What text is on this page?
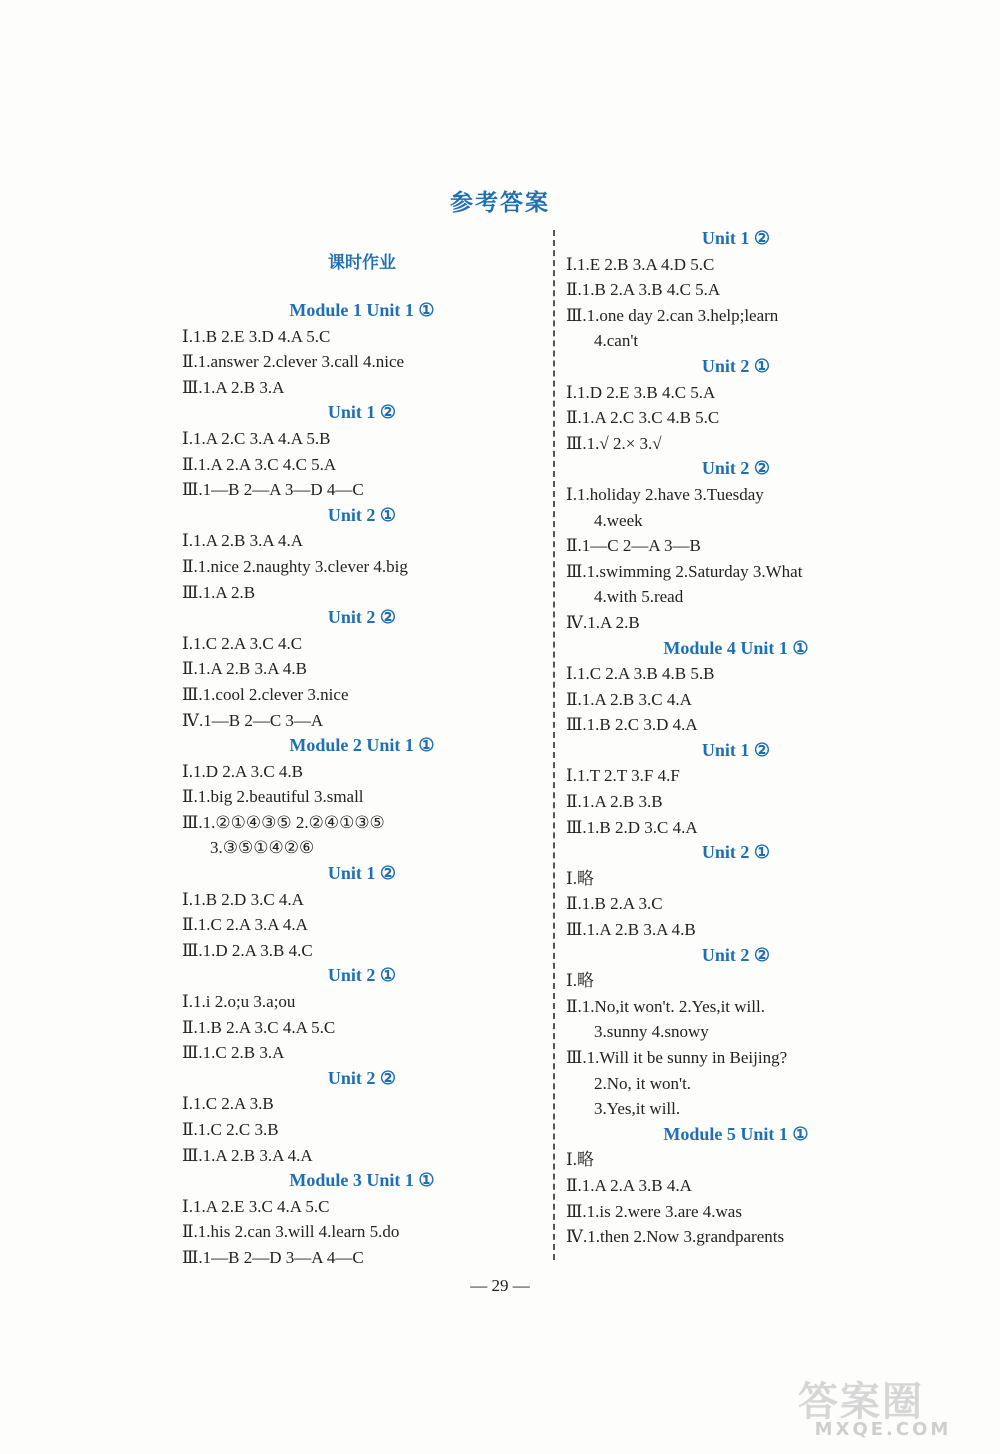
参考答案
课时作业
Module 1 Unit 1 ①
Ⅰ.1.B 2.E 3.D 4.A 5.C
Ⅱ.1.answer 2.clever 3.call 4.nice
Ⅲ.1.A 2.B 3.A
Unit 1 ②
Ⅰ.1.A 2.C 3.A 4.A 5.B
Ⅱ.1.A 2.A 3.C 4.C 5.A
Ⅲ.1—B 2—A 3—D 4—C
Unit 2 ①
Ⅰ.1.A 2.B 3.A 4.A
Ⅱ.1.nice 2.naughty 3.clever 4.big
Ⅲ.1.A 2.B
Unit 2 ②
Ⅰ.1.C 2.A 3.C 4.C
Ⅱ.1.A 2.B 3.A 4.B
Ⅲ.1.cool 2.clever 3.nice
Ⅳ.1—B 2—C 3—A
Module 2 Unit 1 ①
Ⅰ.1.D 2.A 3.C 4.B
Ⅱ.1.big 2.beautiful 3.small
Ⅲ.1.②①④③⑤ 2.②④①③⑤
3.③⑤①④②⑥
Unit 1 ②
Ⅰ.1.B 2.D 3.C 4.A
Ⅱ.1.C 2.A 3.A 4.A
Ⅲ.1.D 2.A 3.B 4.C
Unit 2 ①
Ⅰ.1.i 2.o;u 3.a;ou
Ⅱ.1.B 2.A 3.C 4.A 5.C
Ⅲ.1.C 2.B 3.A
Unit 2 ②
Ⅰ.1.C 2.A 3.B
Ⅱ.1.C 2.C 3.B
Ⅲ.1.A 2.B 3.A 4.A
Module 3 Unit 1 ①
Ⅰ.1.A 2.E 3.C 4.A 5.C
Ⅱ.1.his 2.can 3.will 4.learn 5.do
Ⅲ.1—B 2—D 3—A 4—C
Unit 1 ②
Ⅰ.1.E 2.B 3.A 4.D 5.C
Ⅱ.1.B 2.A 3.B 4.C 5.A
Ⅲ.1.one day 2.can 3.help;learn
4.can't
Unit 2 ①
Ⅰ.1.D 2.E 3.B 4.C 5.A
Ⅱ.1.A 2.C 3.C 4.B 5.C
Ⅲ.1.√ 2.× 3.√
Unit 2 ②
Ⅰ.1.holiday 2.have 3.Tuesday
4.week
Ⅱ.1—C 2—A 3—B
Ⅲ.1.swimming 2.Saturday 3.What
4.with 5.read
Ⅳ.1.A 2.B
Module 4 Unit 1 ①
Ⅰ.1.C 2.A 3.B 4.B 5.B
Ⅱ.1.A 2.B 3.C 4.A
Ⅲ.1.B 2.C 3.D 4.A
Unit 1 ②
Ⅰ.1.T 2.T 3.F 4.F
Ⅱ.1.A 2.B 3.B
Ⅲ.1.B 2.D 3.C 4.A
Unit 2 ①
Ⅰ.略
Ⅱ.1.B 2.A 3.C
Ⅲ.1.A 2.B 3.A 4.B
Unit 2 ②
Ⅰ.略
Ⅱ.1.No,it won't. 2.Yes,it will.
3.sunny 4.snowy
Ⅲ.1.Will it be sunny in Beijing?
2.No, it won't.
3.Yes,it will.
Module 5 Unit 1 ①
Ⅰ.略
Ⅱ.1.A 2.A 3.B 4.A
Ⅲ.1.is 2.were 3.are 4.was
Ⅳ.1.then 2.Now 3.grandparents
— 29 —
答案圈
MXQE.COM
